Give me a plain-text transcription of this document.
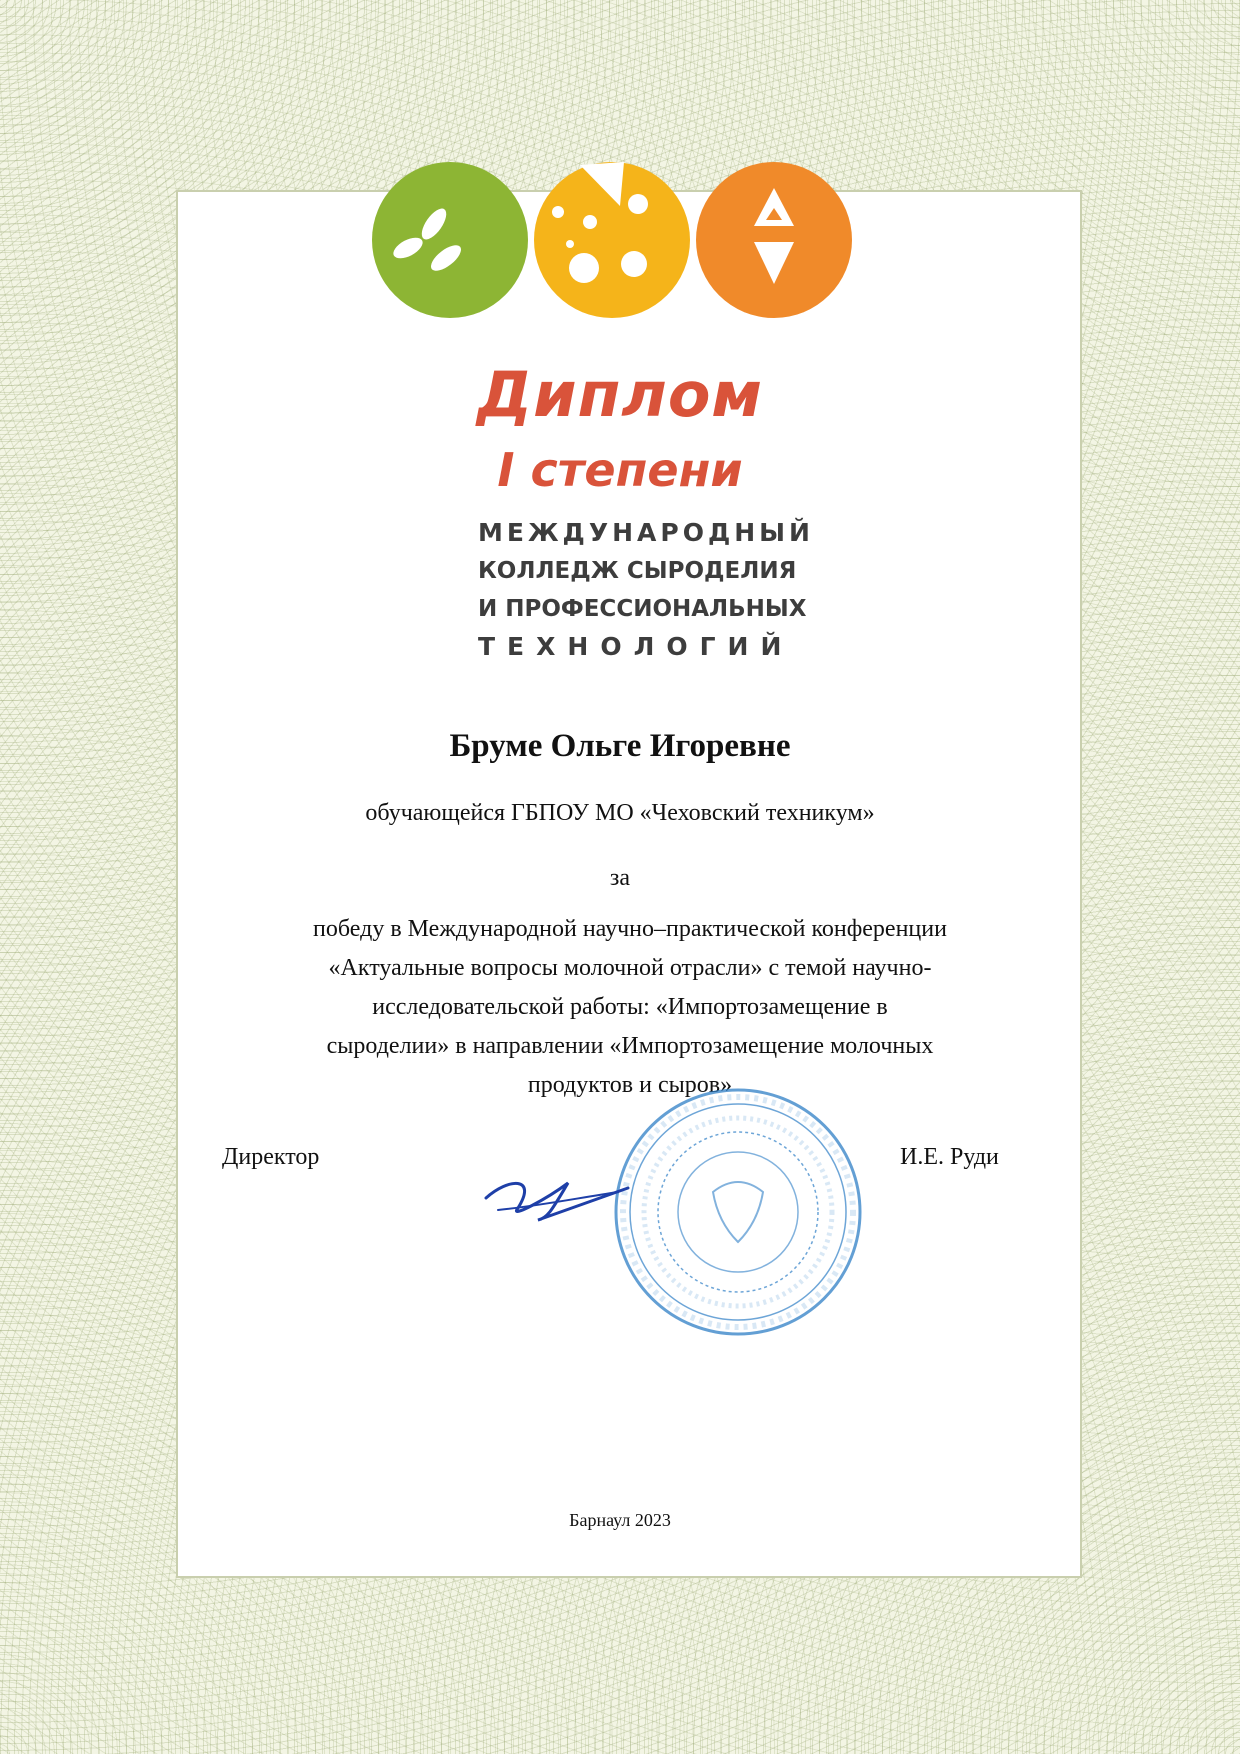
Диплом
I степени
МЕЖДУНАРОДНЫЙ
КОЛЛЕДЖ СЫРОДЕЛИЯ
И ПРОФЕССИОНАЛЬНЫХ
ТЕХНОЛОГИЙ

Бруме Ольге Игоревне

обучающейся ГБПОУ МО «Чеховский техникум»

за

победу в Международной научно–практической конференции
«Актуальные вопросы молочной отрасли» с темой научно-
исследовательской работы: «Импортозамещение в
сыроделии» в направлении «Импортозамещение молочных
продуктов и сыров»

Директор	И.Е. Руди

Барнаул 2023
